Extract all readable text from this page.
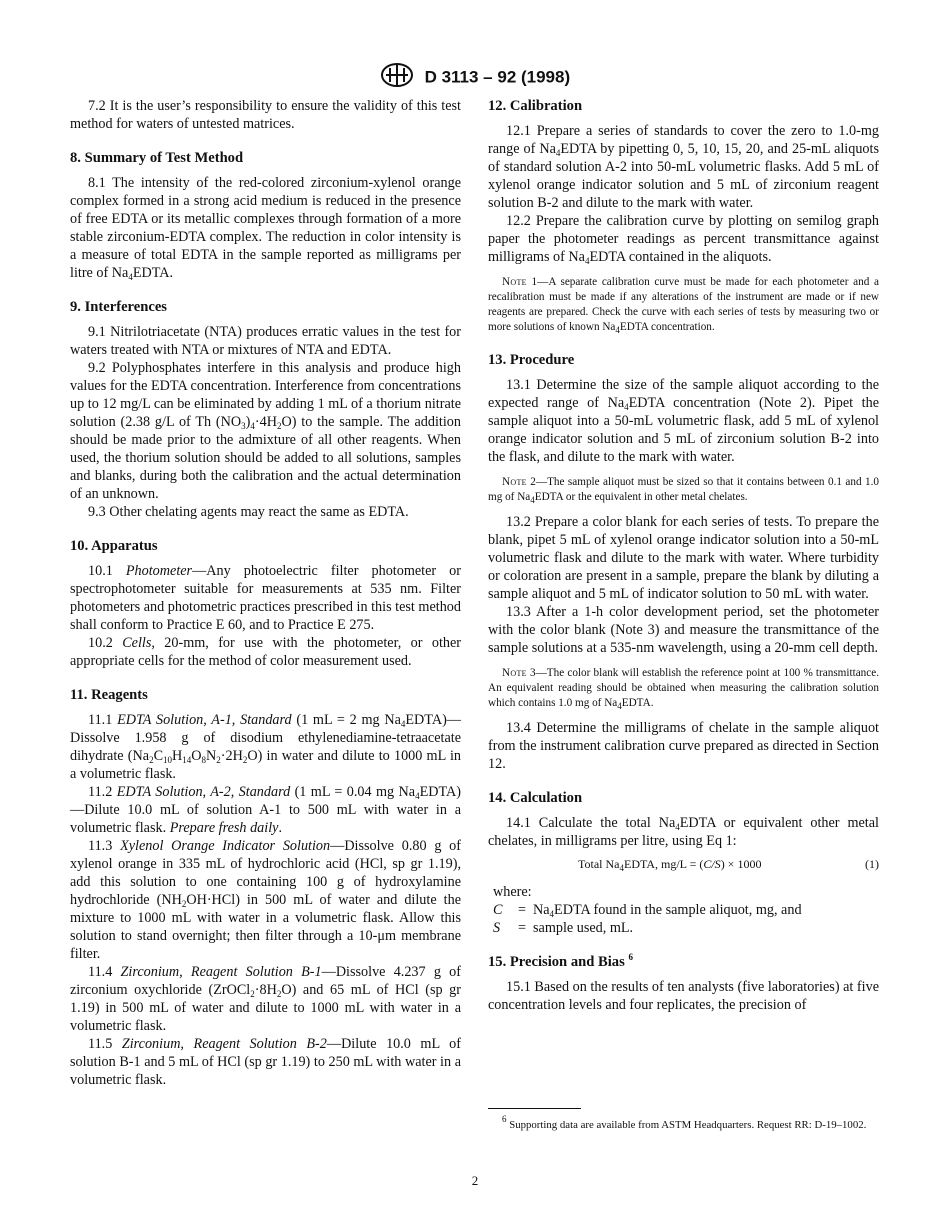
D 3113 – 92 (1998)

7.2 It is the user’s responsibility to ensure the validity of this test method for waters of untested matrices.

8. Summary of Test Method

8.1 The intensity of the red-colored zirconium-xylenol orange complex formed in a strong acid medium is reduced in the presence of free EDTA or its metallic complexes through formation of a more stable zirconium-EDTA complex. The reduction in color intensity is a measure of total EDTA in the sample reported as milligrams per litre of $Na_4EDTA$.

9. Interferences

9.1 Nitrilotriacetate (NTA) produces erratic values in the test for waters treated with NTA or mixtures of NTA and EDTA.

9.2 Polyphosphates interfere in this analysis and produce high values for the EDTA concentration. Interference from concentrations up to 12 mg/L can be eliminated by adding 1 mL of a thorium nitrate solution (2.38 g/L of Th $(NO_3)_4\cdot 4H_2O$) to the sample. The addition should be made prior to the admixture of all other reagents. When used, the thorium solution should be added to all solutions, samples and blanks, during both the calibration and the actual determination of an unknown.

9.3 Other chelating agents may react the same as EDTA.

10. Apparatus

10.1 Photometer—Any photoelectric filter photometer or spectrophotometer suitable for measurements at 535 nm. Filter photometers and photometric practices prescribed in this test method shall conform to Practice E 60, and to Practice E 275.

10.2 Cells, 20-mm, for use with the photometer, or other appropriate cells for the method of color measurement used.

11. Reagents

11.1 EDTA Solution, A-1, Standard (1 mL = 2 mg $Na_4EDTA)—Dissolve$ 1.958 g of disodium ethylenediamine-tetraacetate dihydrate $(Na_2C_{10}H_{14}O_8N_2\cdot 2H_2O)$ in water and dilute to 1000 mL in a volumetric flask.

11.2 EDTA Solution, A-2, Standard (1 mL = 0.04 mg $Na_4EDTA)—Dilute$ 10.0 mL of solution A-1 to 500 mL with water in a volumetric flask. Prepare fresh daily.

11.3 Xylenol Orange Indicator Solution—Dissolve 0.80 g of xylenol orange in 335 mL of hydrochloric acid (HCl, sp gr 1.19), add this solution to one containing 100 g of hydroxylamine hydrochloride $(NH_2OH\cdot HCl)$ in 500 mL of water and dilute the mixture to 1000 mL with water in a volumetric flask. Allow this solution to stand overnight; then filter through a 10-μm membrane filter.

11.4 Zirconium, Reagent Solution B-1—Dissolve 4.237 g of zirconium oxychloride $(ZrOCl_2\cdot 8H_2O)$ and 65 mL of HCl (sp gr 1.19) in 500 mL of water and dilute to 1000 mL with water in a volumetric flask.

11.5 Zirconium, Reagent Solution B-2—Dilute 10.0 mL of solution B-1 and 5 mL of HCl (sp gr 1.19) to 250 mL with water in a volumetric flask.

12. Calibration

12.1 Prepare a series of standards to cover the zero to 1.0-mg range of $Na_4EDTA$ by pipetting 0, 5, 10, 15, 20, and 25-mL aliquots of standard solution A-2 into 50-mL volumetric flasks. Add 5 mL of xylenol orange indicator solution and 5 mL of zirconium reagent solution B-2 and dilute to the mark with water.

12.2 Prepare the calibration curve by plotting on semilog graph paper the photometer readings as percent transmittance against milligrams of $Na_4EDTA$ contained in the aliquots.

Note 1—A separate calibration curve must be made for each photometer and a recalibration must be made if any alterations of the instrument are made or if new reagents are prepared. Check the curve with each series of tests by measuring two or more solutions of known $Na_4EDTA$ concentration.
13. Procedure

13.1 Determine the size of the sample aliquot according to the expected range of $Na_4EDTA$ concentration (Note 2). Pipet the sample aliquot into a 50-mL volumetric flask, add 5 mL of xylenol orange indicator solution and 5 mL of zirconium solution B-2 into the flask, and dilute to the mark with water.

Note 2—The sample aliquot must be sized so that it contains between 0.1 and 1.0 mg of $Na_4EDTA$ or the equivalent in other metal chelates.

13.2 Prepare a color blank for each series of tests. To prepare the blank, pipet 5 mL of xylenol orange indicator solution into a 50-mL volumetric flask and dilute to the mark with water. Where turbidity or coloration are present in a sample, prepare the blank by diluting a sample aliquot and 5 mL of indicator solution to 50 mL with water.

13.3 After a 1-h color development period, set the photometer with the color blank (Note 3) and measure the transmittance of the sample solutions at a 535-nm wavelength, using a 20-mm cell depth.

Note 3—The color blank will establish the reference point at 100 % transmittance. An equivalent reading should be obtained when measuring the calibration solution which contains 1.0 mg of $Na_4EDTA$.

13.4 Determine the milligrams of chelate in the sample aliquot from the instrument calibration curve prepared as directed in Section 12.

14. Calculation

14.1 Calculate the total $Na_4EDTA$ or equivalent other metal chelates, in milligrams per litre, using Eq 1:

Total $Na_4EDTA$, mg/L = (C/S) × 1000	(1)
where:
C	= $Na_4EDTA$ found in the sample aliquot, mg, and
S	= sample used, mL.
15. Precision and Bias $^6$

15.1 Based on the results of ten analysts (five laboratories) at five concentration levels and four replicates, the precision of

$^6$ Supporting data are available from ASTM Headquarters. Request RR: D-19–1002.
2
